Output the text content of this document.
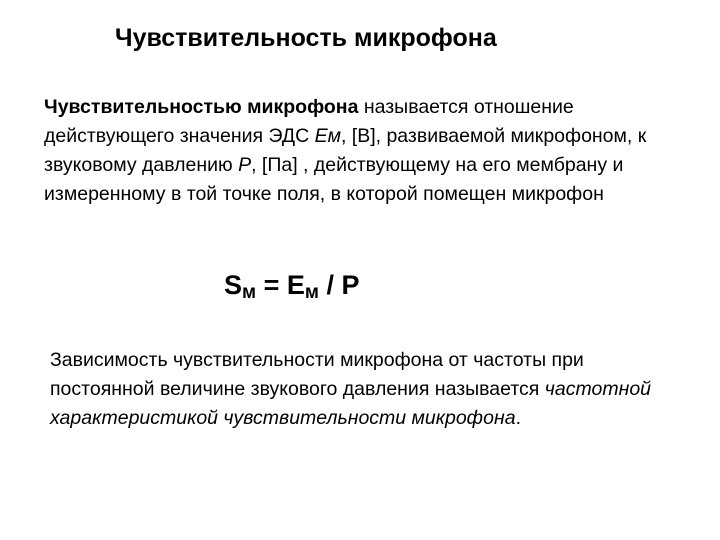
Чувствительность микрофона
Чувствительностью микрофона называется отношение действующего значения ЭДС Eм, [В], развиваемой микрофоном, к звуковому давлению P, [Па] , действующему на его мембрану и измеренному в той точке поля, в которой помещен микрофон
$S_м = E_м / P$
Зависимость чувствительности микрофона от частоты при постоянной величине звукового давления называется частотной характеристикой чувствительности микрофона.
